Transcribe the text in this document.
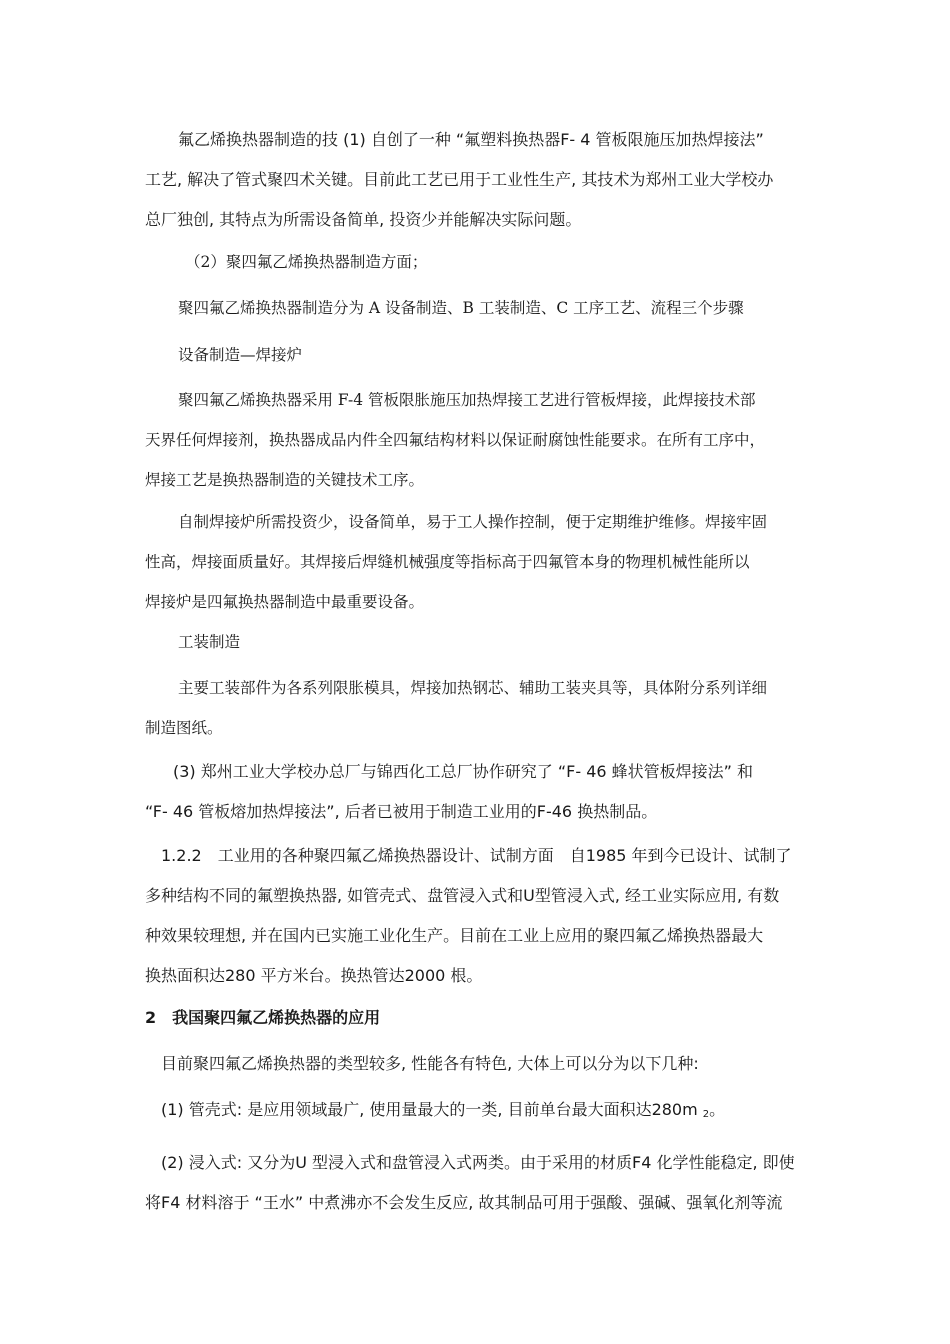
氟乙烯换热器制造的技 (1) 自创了一种 “氟塑料换热器F- 4 管板限施压加热焊接法”
工艺, 解决了管式聚四术关键。目前此工艺已用于工业性生产, 其技术为郑州工业大学校办
总厂独创, 其特点为所需设备简单, 投资少并能解决实际问题。
（2）聚四氟乙烯换热器制造方面；
聚四氟乙烯换热器制造分为 A 设备制造、B 工装制造、C 工序工艺、流程三个步骤
设备制造—焊接炉
聚四氟乙烯换热器采用 F-4 管板限胀施压加热焊接工艺进行管板焊接，此焊接技术部
天界任何焊接剂，换热器成品内件全四氟结构材料以保证耐腐蚀性能要求。在所有工序中，
焊接工艺是换热器制造的关键技术工序。
自制焊接炉所需投资少，设备简单，易于工人操作控制，便于定期维护维修。焊接牢固
性高，焊接面质量好。其焊接后焊缝机械强度等指标高于四氟管本身的物理机械性能所以
焊接炉是四氟换热器制造中最重要设备。
工装制造
主要工装部件为各系列限胀模具，焊接加热钢芯、辅助工装夹具等，具体附分系列详细
制造图纸。
(3) 郑州工业大学校办总厂与锦西化工总厂协作研究了 “F- 46 蜂状管板焊接法” 和
“F- 46 管板熔加热焊接法”, 后者已被用于制造工业用的F-46 换热制品。
1.2.2　工业用的各种聚四氟乙烯换热器设计、试制方面　自1985 年到今已设计、试制了
多种结构不同的氟塑换热器, 如管壳式、盘管浸入式和U型管浸入式, 经工业实际应用, 有数
种效果较理想, 并在国内已实施工业化生产。目前在工业上应用的聚四氟乙烯换热器最大
换热面积达280 平方米台。换热管达2000 根。
2　我国聚四氟乙烯换热器的应用
目前聚四氟乙烯换热器的类型较多, 性能各有特色, 大体上可以分为以下几种:
(1) 管壳式: 是应用领域最广, 使用量最大的一类, 目前单台最大面积达280m $_2$。
(2) 浸入式: 又分为U 型浸入式和盘管浸入式两类。由于采用的材质F4 化学性能稳定, 即使
将F4 材料溶于 “王水” 中煮沸亦不会发生反应, 故其制品可用于强酸、强碱、强氧化剂等流
